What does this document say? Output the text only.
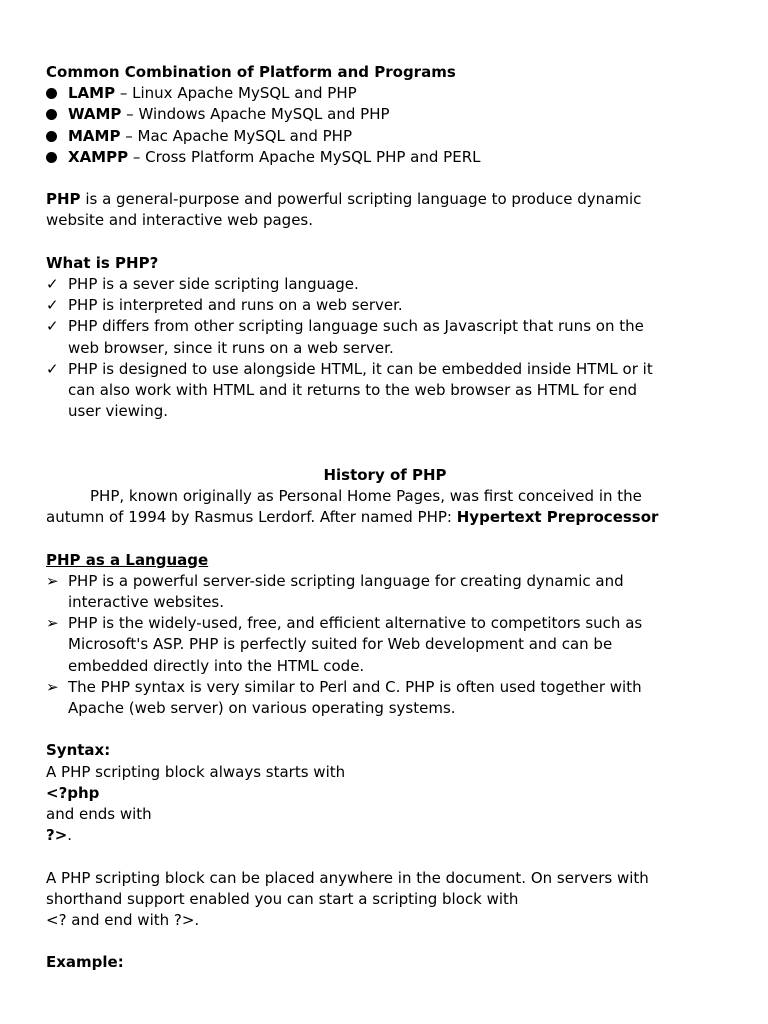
Common Combination of Platform and Programs
LAMP – Linux Apache MySQL and PHP
WAMP – Windows Apache MySQL and PHP
MAMP – Mac Apache MySQL and PHP
XAMPP – Cross Platform Apache MySQL PHP and PERL
PHP is a general-purpose and powerful scripting language to produce dynamic
website and interactive web pages.
What is PHP?
✓ PHP is a sever side scripting language.
✓ PHP is interpreted and runs on a web server.
✓ PHP differs from other scripting language such as Javascript that runs on the
web browser, since it runs on a web server.
✓ PHP is designed to use alongside HTML, it can be embedded inside HTML or it
can also work with HTML and it returns to the web browser as HTML for end
user viewing.
History of PHP
PHP, known originally as Personal Home Pages, was first conceived in the
autumn of 1994 by Rasmus Lerdorf. After named PHP: Hypertext Preprocessor
PHP as a Language
➢ PHP is a powerful server-side scripting language for creating dynamic and
interactive websites.
➢ PHP is the widely-used, free, and efficient alternative to competitors such as
Microsoft's ASP. PHP is perfectly suited for Web development and can be
embedded directly into the HTML code.
➢ The PHP syntax is very similar to Perl and C. PHP is often used together with
Apache (web server) on various operating systems.
Syntax:
A PHP scripting block always starts with
<?php
and ends with
?>.
A PHP scripting block can be placed anywhere in the document. On servers with
shorthand support enabled you can start a scripting block with
<? and end with ?>.
Example:
